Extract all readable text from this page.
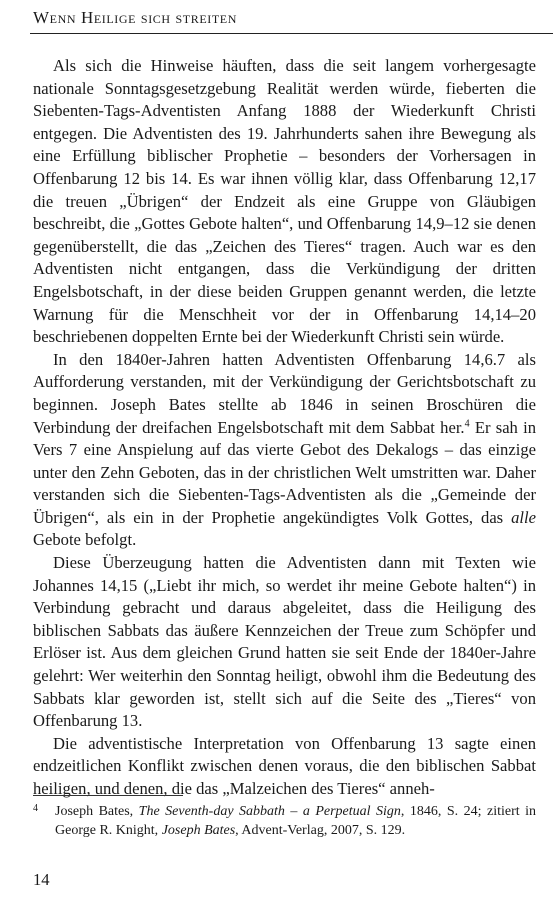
Wenn Heilige sich streiten

Als sich die Hinweise häuften, dass die seit langem vorhergesagte nationale Sonntagsgesetzgebung Realität werden würde, fieberten die Siebenten-Tags-Adventisten Anfang 1888 der Wiederkunft Christi entgegen. Die Adventisten des 19. Jahrhunderts sahen ihre Bewegung als eine Erfüllung biblischer Prophetie – besonders der Vorhersagen in Offenbarung 12 bis 14. Es war ihnen völlig klar, dass Offenbarung 12,17 die treuen „Übrigen“ der Endzeit als eine Gruppe von Gläubigen beschreibt, die „Gottes Gebote halten“, und Offenbarung 14,9–12 sie denen gegenüberstellt, die das „Zeichen des Tieres“ tragen. Auch war es den Adventisten nicht entgangen, dass die Verkündigung der dritten Engelsbotschaft, in der diese beiden Gruppen genannt werden, die letzte Warnung für die Menschheit vor der in Offenbarung 14,14–20 beschriebenen doppelten Ernte bei der Wiederkunft Christi sein würde.

In den 1840er-Jahren hatten Adventisten Offenbarung 14,6.7 als Aufforderung verstanden, mit der Verkündigung der Gerichtsbotschaft zu beginnen. Joseph Bates stellte ab 1846 in seinen Broschüren die Verbindung der dreifachen Engelsbotschaft mit dem Sabbat her.$^4$ Er sah in Vers 7 eine Anspielung auf das vierte Gebot des Dekalogs – das einzige unter den Zehn Geboten, das in der christlichen Welt umstritten war. Daher verstanden sich die Siebenten-Tags-Adventisten als die „Gemeinde der Übrigen“, als ein in der Prophetie angekündigtes Volk Gottes, das alle Gebote befolgt.

Diese Überzeugung hatten die Adventisten dann mit Texten wie Johannes 14,15 („Liebt ihr mich, so werdet ihr meine Gebote halten“) in Verbindung gebracht und daraus abgeleitet, dass die Heiligung des biblischen Sabbats das äußere Kennzeichen der Treue zum Schöpfer und Erlöser ist. Aus dem gleichen Grund hatten sie seit Ende der 1840er-Jahre gelehrt: Wer weiterhin den Sonntag heiligt, obwohl ihm die Bedeutung des Sabbats klar geworden ist, stellt sich auf die Seite des „Tieres“ von Offenbarung 13.

Die adventistische Interpretation von Offenbarung 13 sagte einen endzeitlichen Konflikt zwischen denen voraus, die den biblischen Sabbat heiligen, und denen, die das „Malzeichen des Tieres“ anneh-

4	Joseph Bates, The Seventh-day Sabbath – a Perpetual Sign, 1846, S. 24; zitiert in George R. Knight, Joseph Bates, Advent-Verlag, 2007, S. 129.
14
